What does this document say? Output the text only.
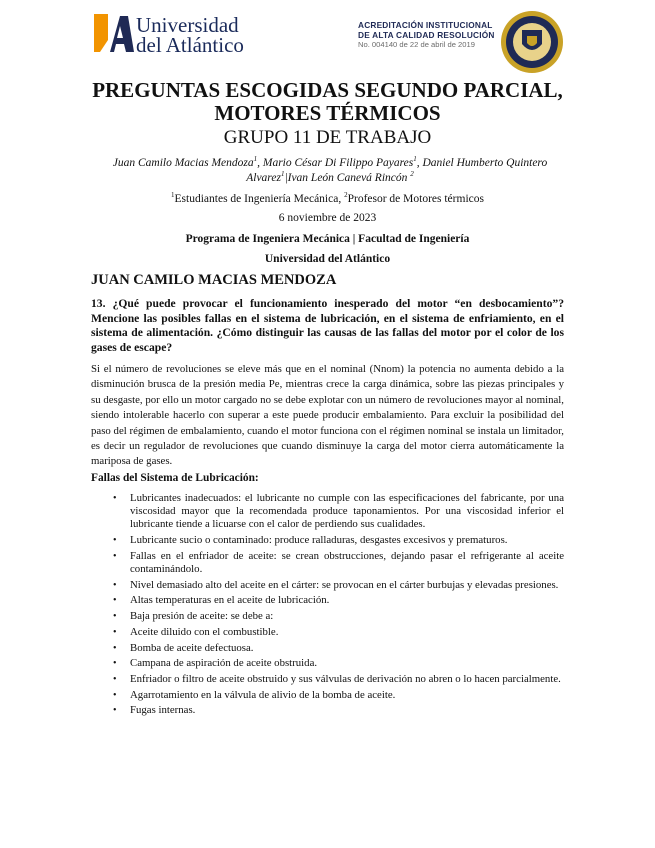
Universidad
del Atlántico
ACREDITACIÓN INSTITUCIONAL
DE ALTA CALIDAD RESOLUCIÓN
No. 004140 de 22 de abril de 2019
PREGUNTAS ESCOGIDAS SEGUNDO PARCIAL, MOTORES TÉRMICOS
GRUPO 11 DE TRABAJO
Juan Camilo Macias Mendoza$^1$, Mario César Di Filippo Payares$^1$, Daniel Humberto Quintero Alvarez$^1$|Ivan León Canevá Rincón $^2$
$^1$Estudiantes de Ingeniería Mecánica, $^2$Profesor de Motores térmicos
6 noviembre de 2023
Programa de Ingeniera Mecánica | Facultad de Ingeniería
Universidad del Atlántico
JUAN CAMILO MACIAS MENDOZA
13. ¿Qué puede provocar el funcionamiento inesperado del motor “en desbocamiento”? Mencione las posibles fallas en el sistema de lubricación, en el sistema de enfriamiento, en el sistema de alimentación. ¿Cómo distinguir las causas de las fallas del motor por el color de los gases de escape?
Si el número de revoluciones se eleve más que en el nominal (Nnom) la potencia no aumenta debido a la disminución brusca de la presión media Pe, mientras crece la carga dinámica, sobre las piezas principales y su desgaste, por ello un motor cargado no se debe explotar con un número de revoluciones mayor al nominal, siendo intolerable hacerlo con superar a este puede producir embalamiento. Para excluir la posibilidad del paso del régimen de embalamiento, cuando el motor funciona con el régimen nominal se instala un limitador, es decir un regulador de revoluciones que cuando disminuye la carga del motor cierra automáticamente la mariposa de gases.
Fallas del Sistema de Lubricación:
• Lubricantes inadecuados: el lubricante no cumple con las especificaciones del fabricante, por una viscosidad mayor que la recomendada produce taponamientos. Por una viscosidad inferior el lubricante tiende a licuarse con el calor de perdiendo sus cualidades.
• Lubricante sucio o contaminado: produce ralladuras, desgastes excesivos y prematuros.
• Fallas en el enfriador de aceite: se crean obstrucciones, dejando pasar el refrigerante al aceite contaminándolo.
• Nivel demasiado alto del aceite en el cárter: se provocan en el cárter burbujas y elevadas presiones.
• Altas temperaturas en el aceite de lubricación.
• Baja presión de aceite: se debe a:
• Aceite diluido con el combustible.
• Bomba de aceite defectuosa.
• Campana de aspiración de aceite obstruida.
• Enfriador o filtro de aceite obstruido y sus válvulas de derivación no abren o lo hacen parcialmente.
• Agarrotamiento en la válvula de alivio de la bomba de aceite.
• Fugas internas.
